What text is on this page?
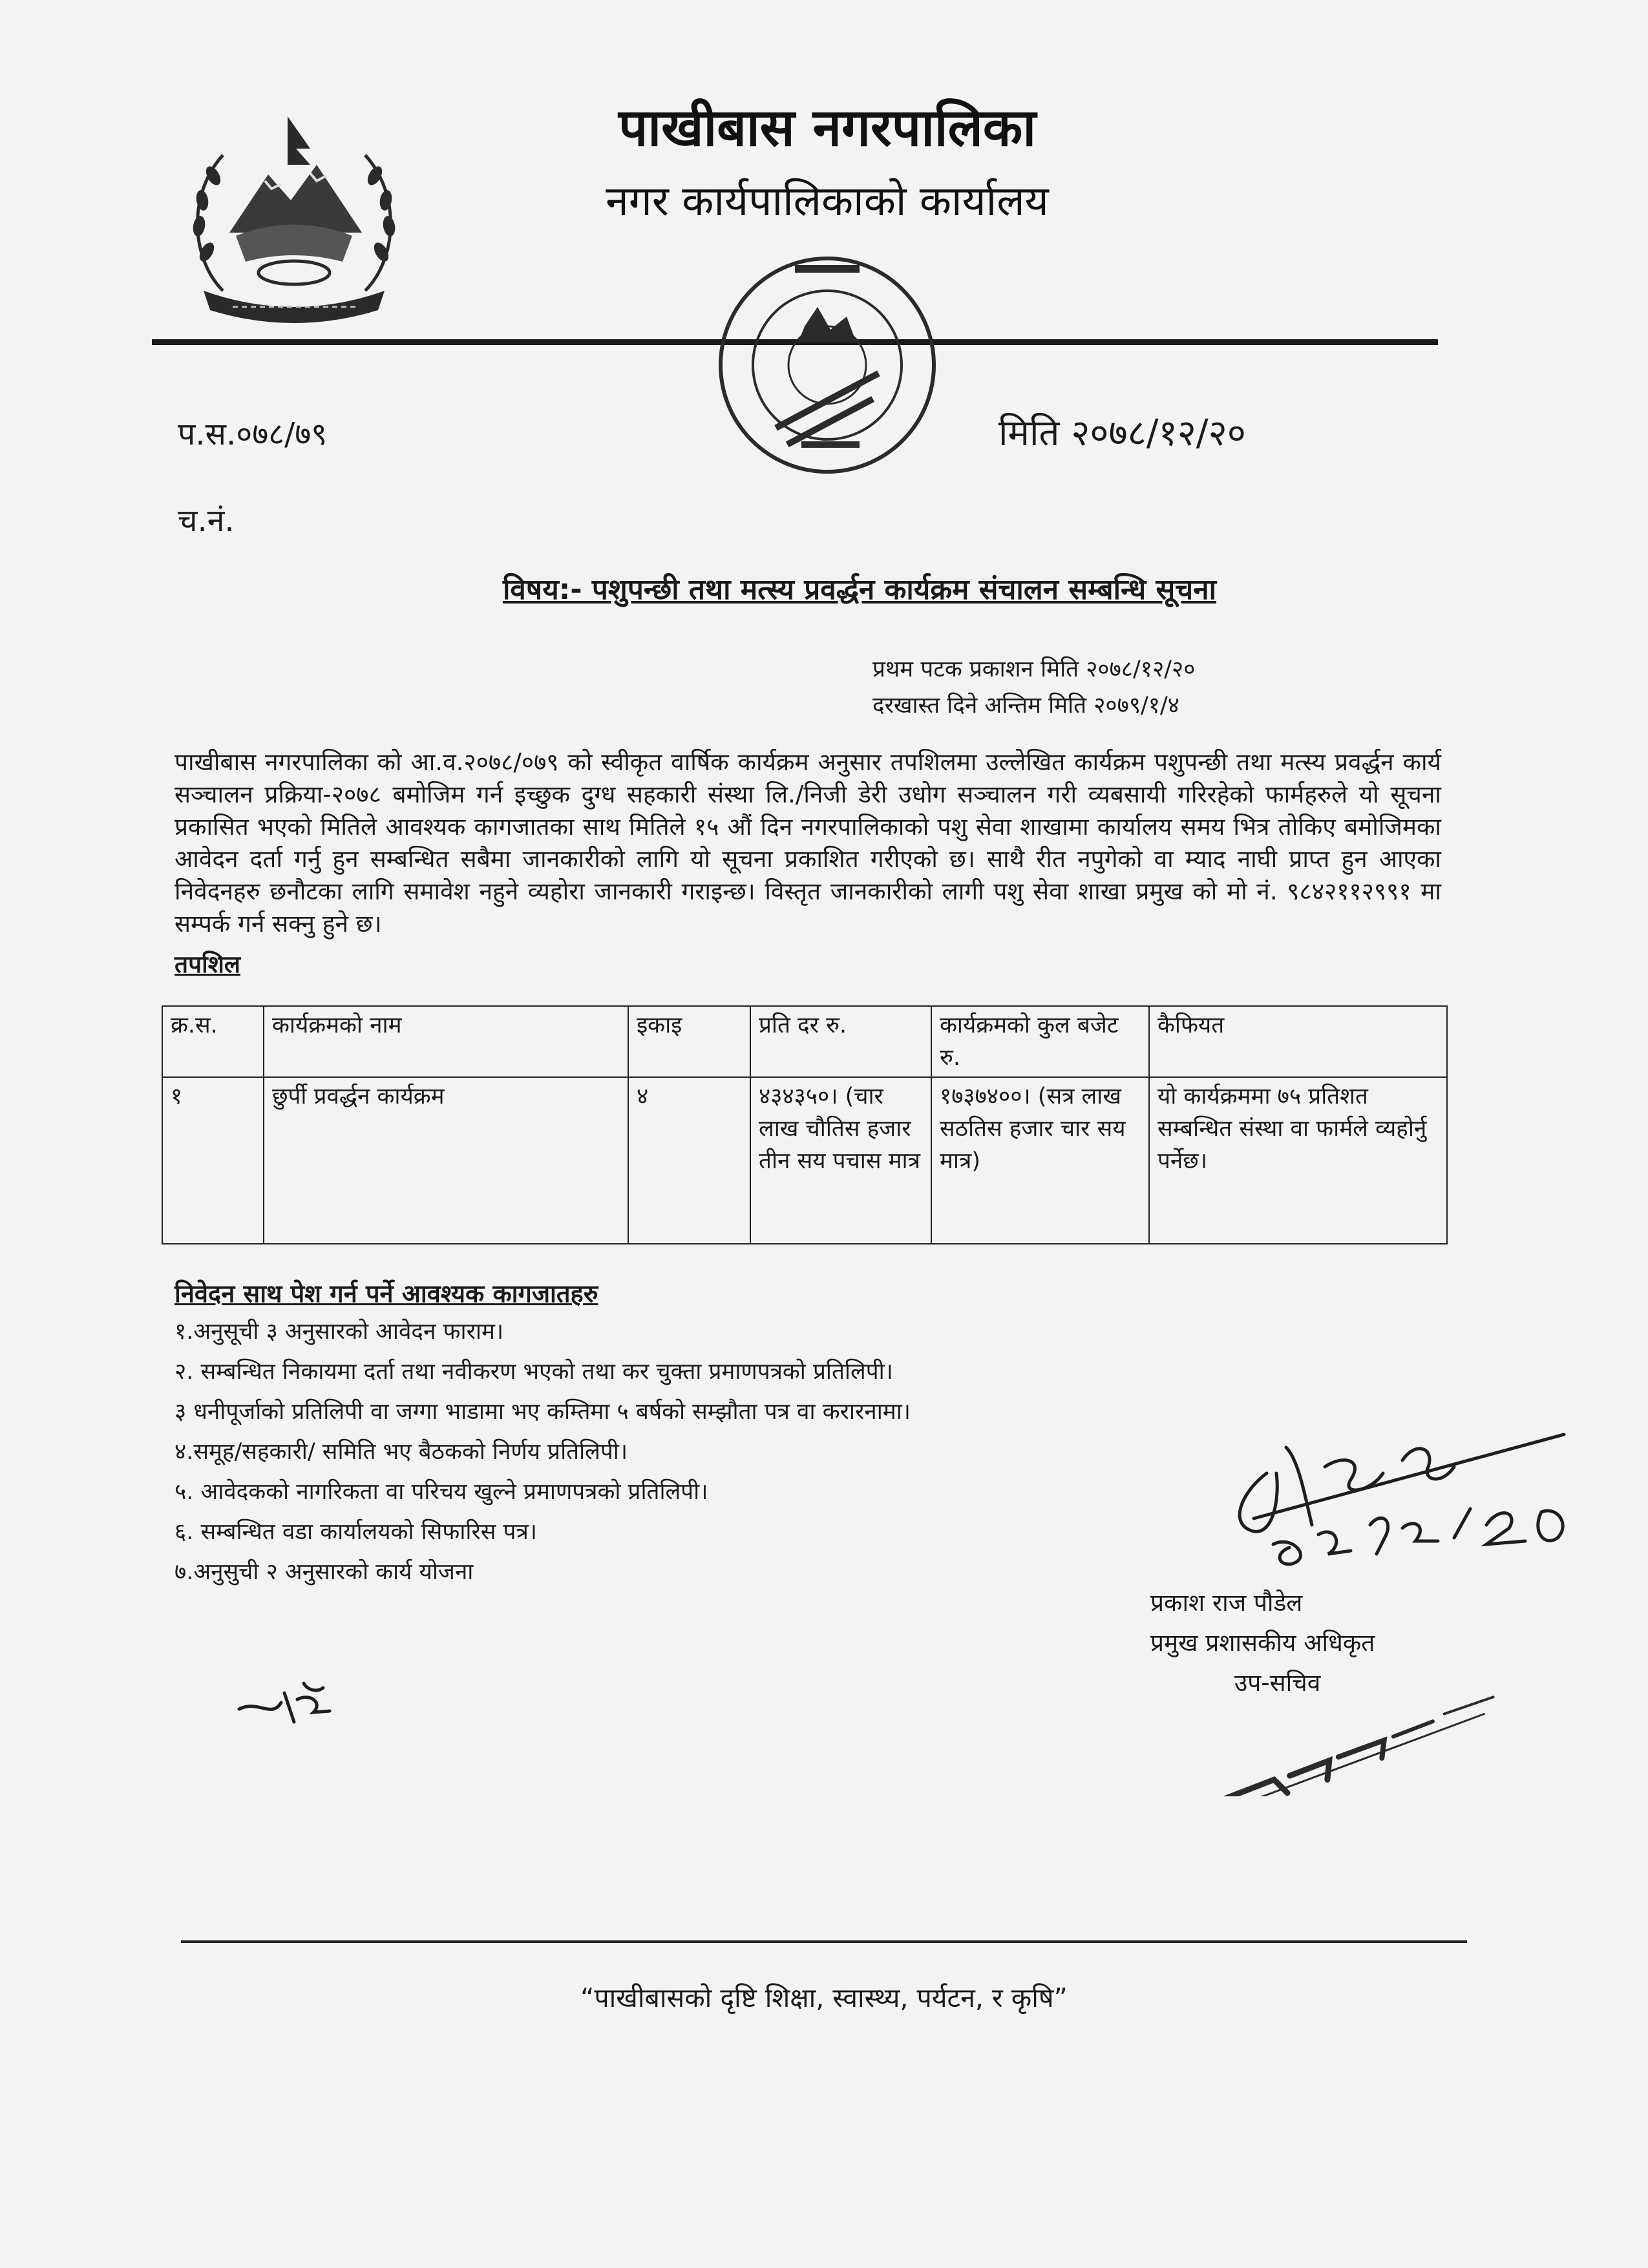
पाखीबास नगरपालिका
नगर कार्यपालिकाको कार्यालय
प.स.०७८/७९	मिति २०७८/१२/२०
च.नं.
विषय:- पशुपन्छी तथा मत्स्य प्रवर्द्धन कार्यक्रम संचालन सम्बन्धि सूचना
प्रथम पटक प्रकाशन मिति २०७८/१२/२०
दरखास्त दिने अन्तिम मिति २०७९/१/४
पाखीबास नगरपालिका को आ.व.२०७८/०७९ को स्वीकृत वार्षिक कार्यक्रम अनुसार तपशिलमा उल्लेखित कार्यक्रम पशुपन्छी तथा मत्स्य प्रवर्द्धन कार्य सञ्चालन प्रक्रिया-२०७८ बमोजिम गर्न इच्छुक दुग्ध सहकारी संस्था लि./निजी डेरी उधोग सञ्चालन गरी व्यबसायी गरिरहेको फार्महरुले यो सूचना प्रकासित भएको मितिले आवश्यक कागजातका साथ मितिले १५ औं दिन नगरपालिकाको पशु सेवा शाखामा कार्यालय समय भित्र तोकिए बमोजिमका आवेदन दर्ता गर्नु हुन सम्बन्धित सबैमा जानकारीको लागि यो सूचना प्रकाशित गरीएको छ। साथै रीत नपुगेको वा म्याद नाघी प्राप्त हुन आएका निवेदनहरु छनौटका लागि समावेश नहुने व्यहोरा जानकारी गराइन्छ। विस्तृत जानकारीको लागी पशु सेवा शाखा प्रमुख को मो नं. ९८४२११२९९१ मा सम्पर्क गर्न सक्नु हुने छ।
तपशिल
क्र.स.	कार्यक्रमको नाम	इकाइ	प्रति दर रु.	कार्यक्रमको कुल बजेट रु.	कैफियत
१	छुर्पी प्रवर्द्धन कार्यक्रम	४	४३४३५०। (चार लाख चौतिस हजार तीन सय पचास मात्र	१७३७४००। (सत्र लाख सठतिस हजार चार सय मात्र)	यो कार्यक्रममा ७५ प्रतिशत सम्बन्धित संस्था वा फार्मले व्यहोर्नु पर्नेछ।
निवेदन साथ पेश गर्न पर्ने आवश्यक कागजातहरु
१.अनुसूची ३ अनुसारको आवेदन फाराम।
२. सम्बन्धित निकायमा दर्ता तथा नवीकरण भएको तथा कर चुक्ता प्रमाणपत्रको प्रतिलिपी।
३ धनीपूर्जाको प्रतिलिपी वा जग्गा भाडामा भए कम्तिमा ५ बर्षको सम्झौता पत्र वा करारनामा।
४.समूह/सहकारी/ समिति भए बैठकको निर्णय प्रतिलिपी।
५. आवेदकको नागरिकता वा परिचय खुल्ने प्रमाणपत्रको प्रतिलिपी।
६. सम्बन्धित वडा कार्यालयको सिफारिस पत्र।
७.अनुसुची २ अनुसारको कार्य योजना
प्रकाश राज पौडेल
प्रमुख प्रशासकीय अधिकृत
उप-सचिव
“पाखीबासको दृष्टि शिक्षा, स्वास्थ्य, पर्यटन, र कृषि”
